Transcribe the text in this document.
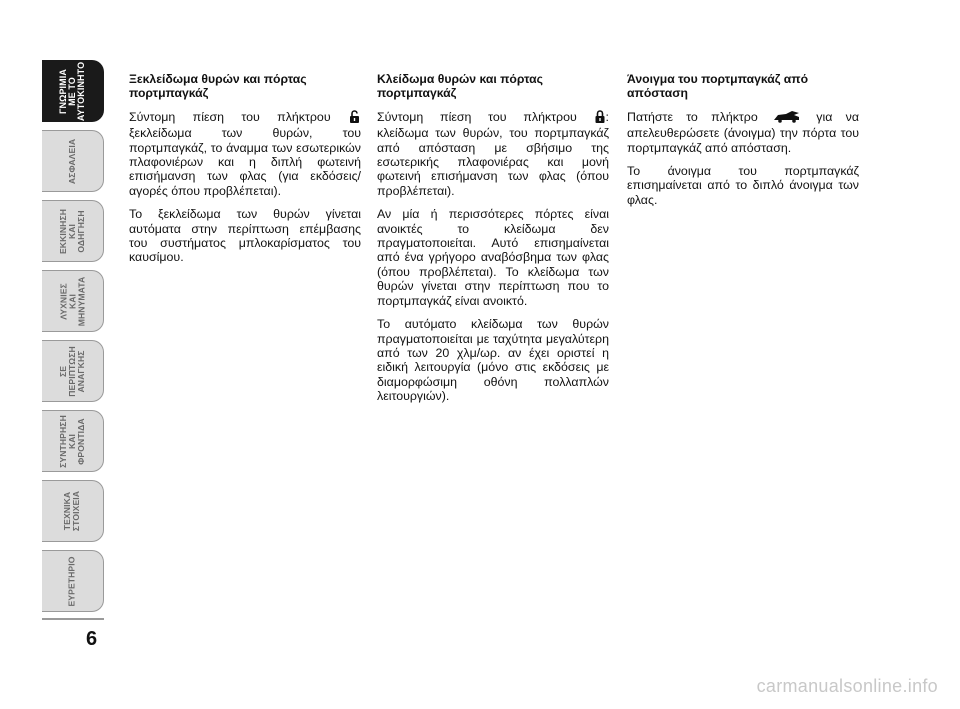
ΓΝΩΡΙΜΙΑ
ΜΕ ΤΟ
ΑΥΤΟΚΙΝΗΤΟ
ΑΣΦΑΛΕΙΑ
ΕΚΚΙΝΗΣΗ
ΚΑΙ
ΟΔΗΓΗΣΗ
ΛΥΧΝΙΕΣ
ΚΑΙ
ΜΗΝΥΜΑΤΑ
ΣΕ
ΠΕΡΙΠΤΩΣΗ
ΑΝΑΓΚΗΣ
ΣΥΝΤΗΡΗΣΗ
ΚΑΙ
ΦΡΟΝΤΙΔΑ
ΤΕΧΝΙΚΑ
ΣΤΟΙΧΕΙΑ
ΕΥΡΕΤΗΡΙΟ
6
Ξεκλείδωμα θυρών και πόρτας πορτμπαγκάζ

Σύντομη πίεση του πλήκτρου  ξεκλείδωμα των θυρών, του πορτμπαγκάζ, το άναμμα των εσωτερικών πλαφονιέρων και η διπλή φωτεινή επισήμανση των φλας (για εκδόσεις/αγορές όπου προβλέπεται).

Το ξεκλείδωμα των θυρών γίνεται αυτόματα στην περίπτωση επέμβασης του συστήματος μπλοκαρίσματος του καυσίμου.

Κλείδωμα θυρών και πόρτας πορτμπαγκάζ

Σύντομη πίεση του πλήκτρου : κλείδωμα των θυρών, του πορτμπαγκάζ από απόσταση με σβήσιμο της εσωτερικής πλαφονιέρας και μονή φωτεινή επισήμανση των φλας (όπου προβλέπεται).

Αν μία ή περισσότερες πόρτες είναι ανοικτές το κλείδωμα δεν πραγματοποιείται. Αυτό επισημαίνεται από ένα γρήγορο αναβόσβημα των φλας (όπου προβλέπεται). Το κλείδωμα των θυρών γίνεται στην περίπτωση που το πορτμπαγκάζ είναι ανοικτό.

Το αυτόματο κλείδωμα των θυρών πραγματοποιείται με ταχύτητα μεγαλύτερη από των 20 χλμ/ωρ. αν έχει οριστεί η ειδική λειτουργία (μόνο στις εκδόσεις με διαμορφώσιμη οθόνη πολλαπλών λειτουργιών).

Άνοιγμα του πορτμπαγκάζ από απόσταση

Πατήστε το πλήκτρο	για να απελευθερώσετε (άνοιγμα) την πόρτα του πορτμπαγκάζ από απόσταση.

Το άνοιγμα του πορτμπαγκάζ επισημαίνεται από το διπλό άνοιγμα των φλας.

carmanualsonline.info
